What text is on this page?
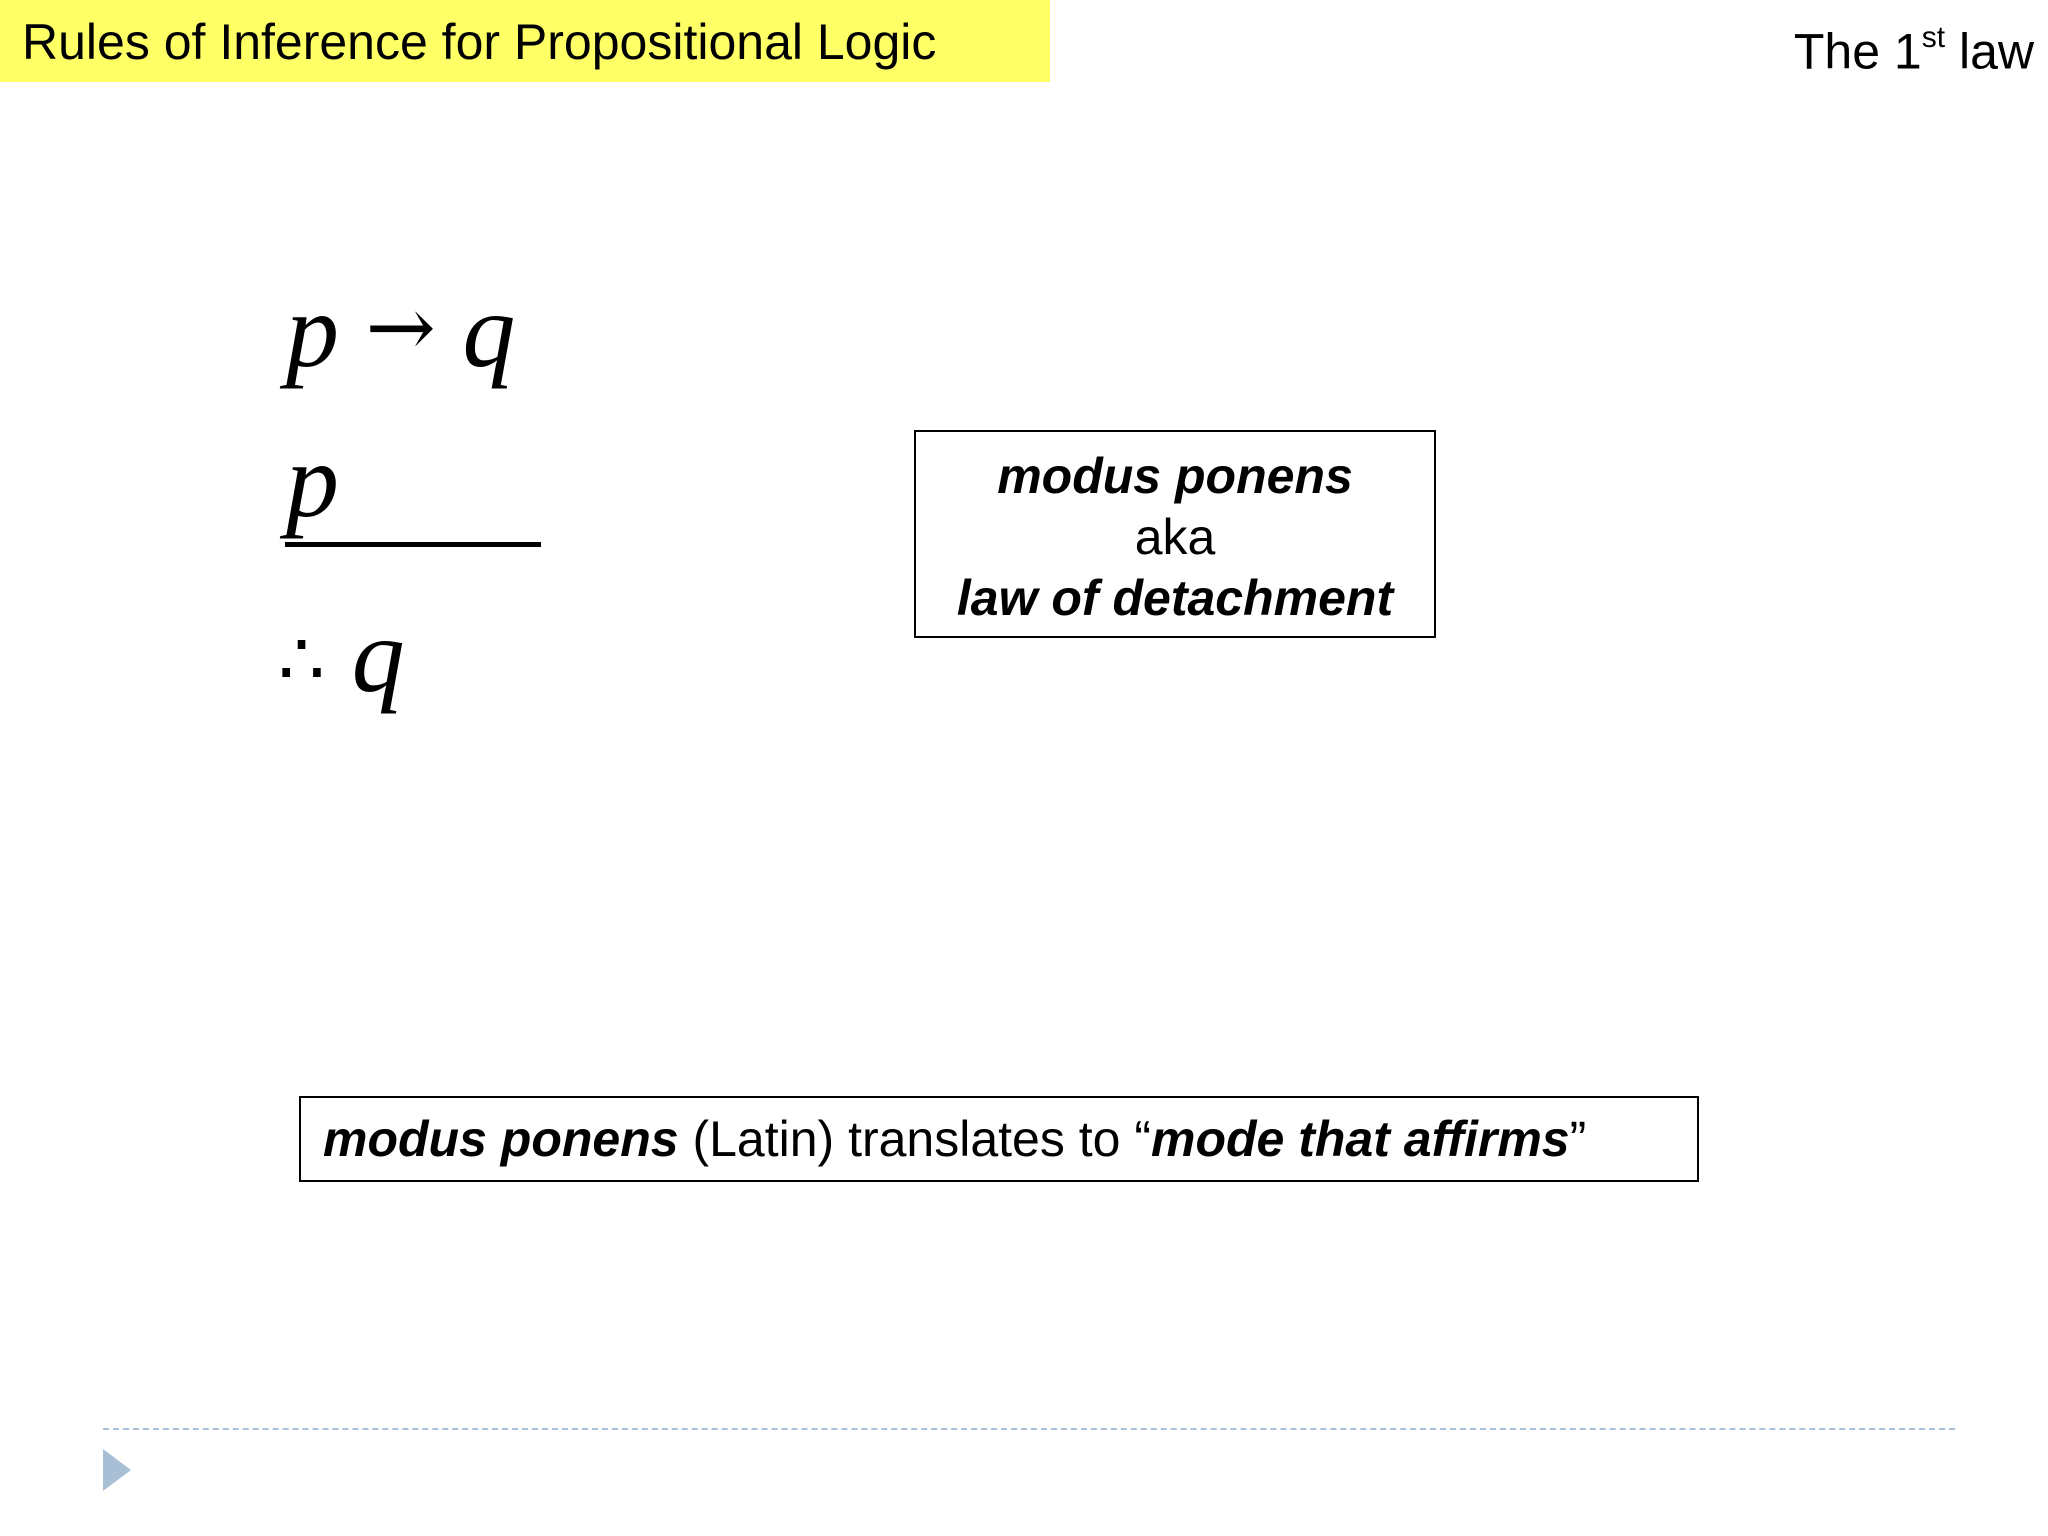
Rules of Inference for Propositional Logic	The 1st law
p → q
p
∴ q
modus ponens
aka
law of detachment
modus ponens (Latin) translates to “mode that affirms”
